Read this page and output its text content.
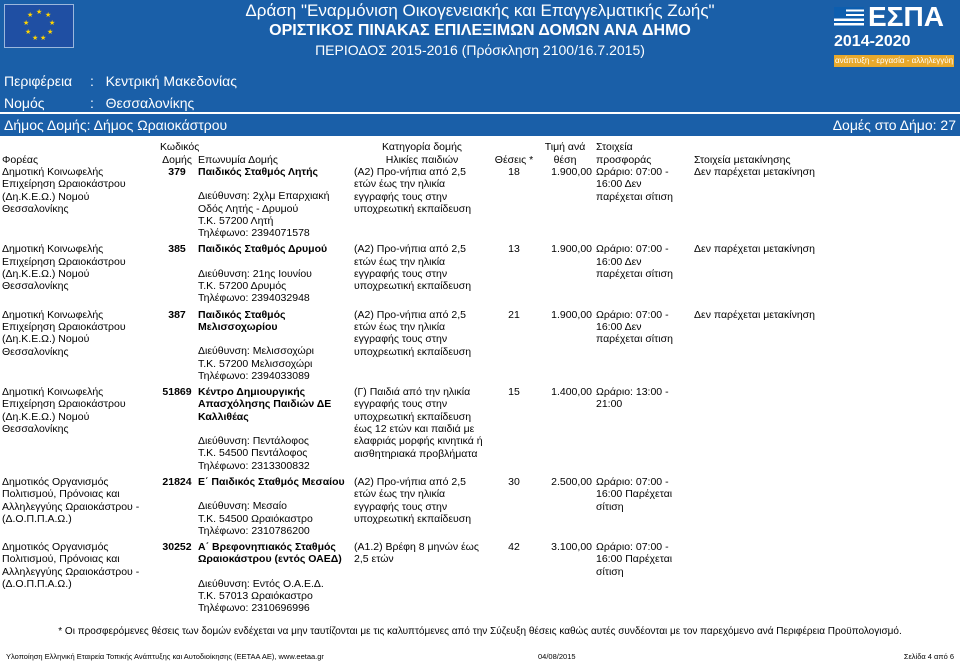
★ ★
★
★
★
★
★
★
★	Δράση "Εναρμόνιση Οικογενειακής και Επαγγελματικής Ζωής"
ΟΡΙΣΤΙΚΟΣ ΠΙΝΑΚΑΣ ΕΠΙΛΕΞΙΜΩΝ ΔΟΜΩΝ ΑΝΑ ΔΗΜΟ
ΠΕΡΙΟΔΟΣ 2015-2016 (Πρόσκληση 2100/16.7.2015)
ΕΣΠΑ
2014-2020
ανάπτυξη - εργασία - αλληλεγγύη
Περιφέρεια : Κεντρική Μακεδονίας
Νομός	: Θεσσαλονίκης
Δήμος Δομής: Δήμος Ωραιοκάστρου	Δομές στο Δήμο: 27
Φορέας	Κωδικός Δομής	Επωνυμία Δομής	Κατηγορία δομής
Ηλικίες παιδιών	Θέσεις *	Τιμή ανά θέση	Στοιχεία προσφοράς	Στοιχεία μετακίνησης
Δημοτική Κοινωφελής Επιχείρηση Ωραιοκάστρου (Δη.Κ.Ε.Ω.) Νομού Θεσσαλονίκης	379	Παιδικός Σταθμός Λητής
Διεύθυνση: 2χλμ Επαρχιακή Οδός Λητής - Δρυμού
Τ.Κ. 57200 Λητή
Τηλέφωνο: 2394071578	(Α2) Προ-νήπια από 2,5 ετών έως την ηλικία εγγραφής τους στην υποχρεωτική εκπαίδευση	18	1.900,00	Ωράριο: 07:00 - 16:00 Δεν παρέχεται σίτιση	Δεν παρέχεται μετακίνηση

Δημοτική Κοινωφελής Επιχείρηση Ωραιοκάστρου (Δη.Κ.Ε.Ω.) Νομού Θεσσαλονίκης	385	Παιδικός Σταθμός Δρυμού
Διεύθυνση: 21ης Ιουνίου
Τ.Κ. 57200 Δρυμός
Τηλέφωνο: 2394032948	(Α2) Προ-νήπια από 2,5 ετών έως την ηλικία εγγραφής τους στην υποχρεωτική εκπαίδευση	13	1.900,00	Ωράριο: 07:00 - 16:00 Δεν παρέχεται σίτιση	Δεν παρέχεται μετακίνηση

Δημοτική Κοινωφελής Επιχείρηση Ωραιοκάστρου (Δη.Κ.Ε.Ω.) Νομού Θεσσαλονίκης	387	Παιδικός Σταθμός Μελισσοχωρίου
Διεύθυνση: Μελισσοχώρι
Τ.Κ. 57200 Μελισσοχώρι
Τηλέφωνο: 2394033089	(Α2) Προ-νήπια από 2,5 ετών έως την ηλικία εγγραφής τους στην υποχρεωτική εκπαίδευση	21	1.900,00	Ωράριο: 07:00 - 16:00 Δεν παρέχεται σίτιση	Δεν παρέχεται μετακίνηση

Δημοτική Κοινωφελής Επιχείρηση Ωραιοκάστρου (Δη.Κ.Ε.Ω.) Νομού Θεσσαλονίκης	51869	Κέντρο Δημιουργικής Απασχόλησης Παιδιών ΔΕ Καλλιθέας
Διεύθυνση: Πεντάλοφος
Τ.Κ. 54500 Πεντάλοφος
Τηλέφωνο: 2313300832	(Γ) Παιδιά από την ηλικία εγγραφής τους στην υποχρεωτική εκπαίδευση έως 12 ετών και παιδιά με ελαφριάς μορφής κινητικά ή αισθητηριακά προβλήματα	15	1.400,00	Ωράριο: 13:00 - 21:00	

Δημοτικός Οργανισμός Πολιτισμού, Πρόνοιας και Αλληλεγγύης Ωραιοκάστρου - (Δ.Ο.Π.Π.Α.Ω.)	21824	Ε΄ Παιδικός Σταθμός Μεσαίου
Διεύθυνση: Μεσαίο
Τ.Κ. 54500 Ωραιόκαστρο
Τηλέφωνο: 2310786200	(Α2) Προ-νήπια από 2,5 ετών έως την ηλικία εγγραφής τους στην υποχρεωτική εκπαίδευση	30	2.500,00	Ωράριο: 07:00 - 16:00 Παρέχεται σίτιση	

Δημοτικός Οργανισμός Πολιτισμού, Πρόνοιας και Αλληλεγγύης Ωραιοκάστρου - (Δ.Ο.Π.Π.Α.Ω.)	30252	Α΄ Βρεφονηπιακός Σταθμός Ωραιοκάστρου (εντός ΟΑΕΔ)
Διεύθυνση: Εντός Ο.Α.Ε.Δ.
Τ.Κ. 57013 Ωραιόκαστρο
Τηλέφωνο: 2310696996	(Α1.2) Βρέφη 8 μηνών έως 2,5 ετών	42	3.100,00	Ωράριο: 07:00 - 16:00 Παρέχεται σίτιση	
* Οι προσφερόμενες θέσεις των δομών ενδέχεται να μην ταυτίζονται με τις καλυπτόμενες από την Σύζευξη θέσεις καθώς αυτές συνδέονται με τον παρεχόμενο ανά Περιφέρεια Προϋπολογισμό.
Υλοποίηση Ελληνική Εταιρεία Τοπικής Ανάπτυξης και Αυτοδιοίκησης (ΕΕΤΑΑ ΑΕ), www.eetaa.gr	04/08/2015	Σελίδα 4 από 6
